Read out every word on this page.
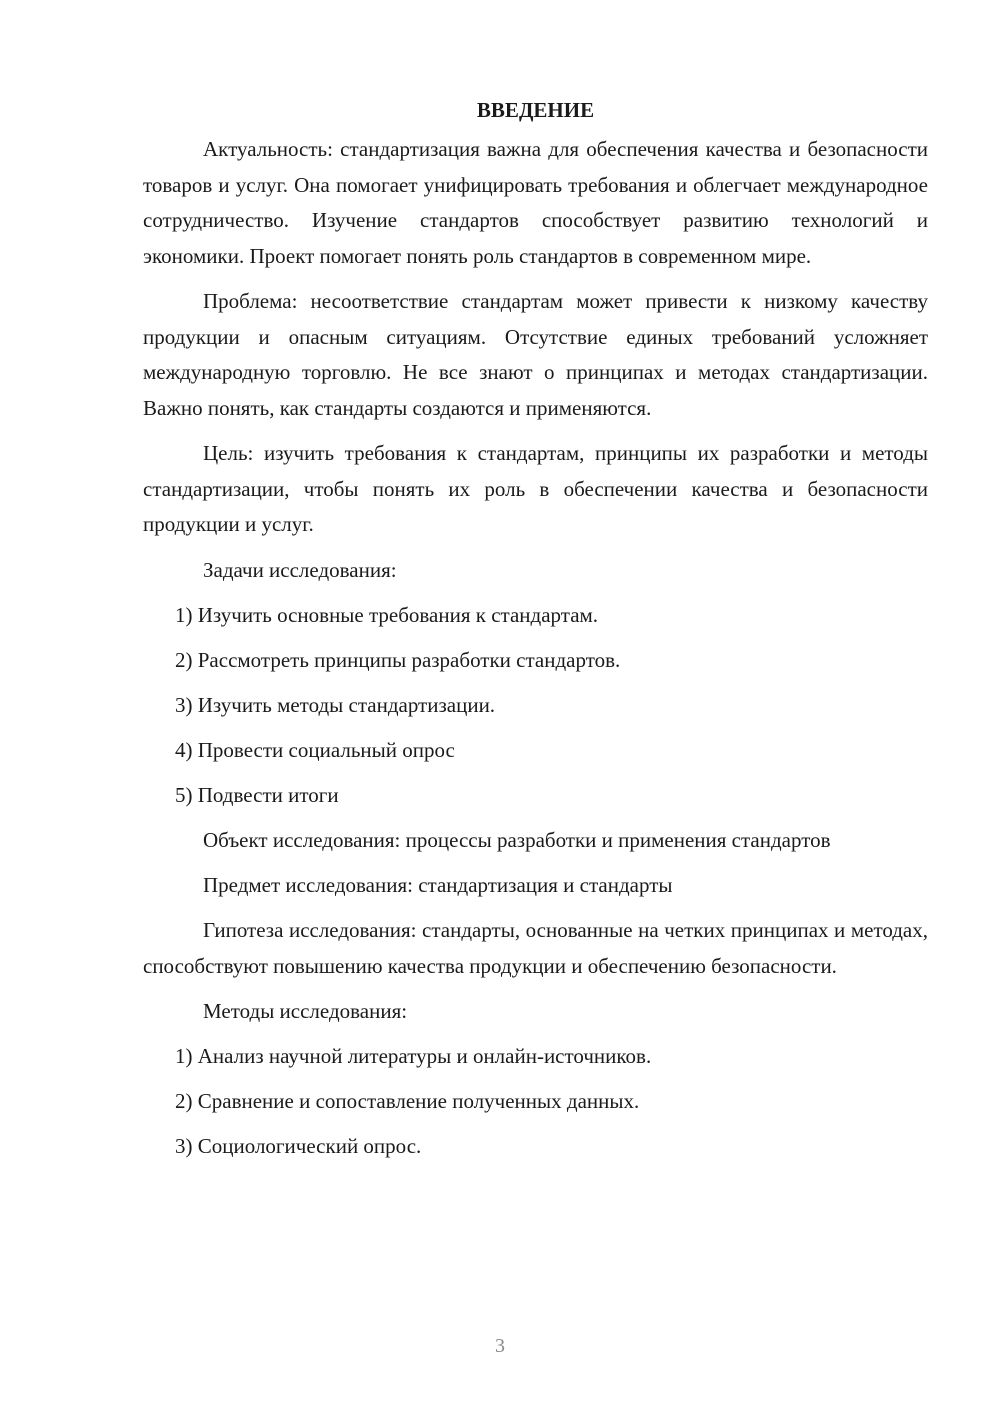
ВВЕДЕНИЕ

Актуальность: стандартизация важна для обеспечения качества и безопасности товаров и услуг. Она помогает унифицировать требования и облегчает международное сотрудничество. Изучение стандартов способствует развитию технологий и экономики. Проект помогает понять роль стандартов в современном мире.

Проблема: несоответствие стандартам может привести к низкому качеству продукции и опасным ситуациям. Отсутствие единых требований усложняет международную торговлю. Не все знают о принципах и методах стандартизации. Важно понять, как стандарты создаются и применяются.

Цель: изучить требования к стандартам, принципы их разработки и методы стандартизации, чтобы понять их роль в обеспечении качества и безопасности продукции и услуг.

Задачи исследования:

1) Изучить основные требования к стандартам.

2) Рассмотреть принципы разработки стандартов.

3) Изучить методы стандартизации.

4) Провести социальный опрос

5) Подвести итоги

Объект исследования: процессы разработки и применения стандартов

Предмет исследования: стандартизация и стандарты

Гипотеза исследования: стандарты, основанные на четких принципах и методах, способствуют повышению качества продукции и обеспечению безопасности.

Методы исследования:

1) Анализ научной литературы и онлайн-источников.

2) Сравнение и сопоставление полученных данных.

3) Социологический опрос.

3
